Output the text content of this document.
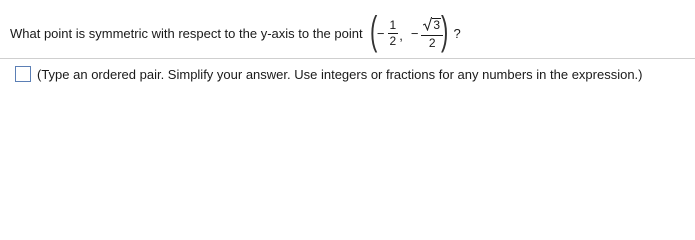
What point is symmetric with respect to the y-axis to the point ( − $\frac{1}{2}$ , − $\frac{3}{2}$
) ?
(Type an ordered pair. Simplify your answer. Use integers or fractions for any numbers in the expression.)
